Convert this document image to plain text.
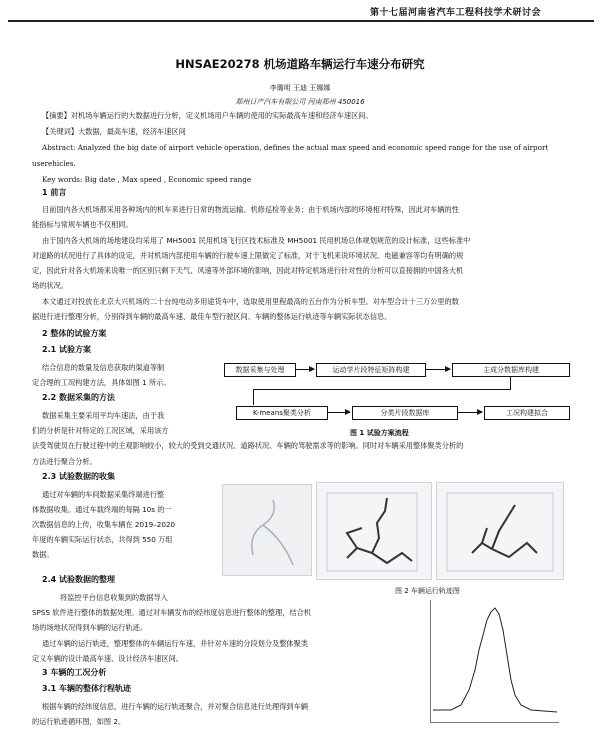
第十七届河南省汽车工程科技学术研讨会
HNSAE20278 机场道路车辆运行车速分布研究
李璐明 王迪 王娜娜
郑州日产汽车有限公司 河南郑州 450016
【摘要】对机场车辆运行的大数据进行分析，定义机场用户车辆的使用的实际最高车速和经济车速区间。
【关键词】大数据，最高车速，经济车速区间
Abstract: Analyzed the big date of airport vehicle operation, defines the actual max speed and economic speed range for the use of airport
userehicles.
Key words: Big date , Max speed , Economic speed range
1 前言
目前国内各大机场都采用各种场内的机车来进行日常的物流运输、机修巡检等业务；由于机场内部的环境相对特殊，因此对车辆的性
能指标与常规车辆也不仅相同。
由于国内各大机场的场地建设均采用了 MH5001 民用机场飞行区技术标准及 MH5001 民用机场总体规划规范的设计标准，这些标准中
对道路的状况进行了具体的设定，并对机场内部使用车辆的行驶车速上限做定了标准，对于飞机来说环境状况、电磁兼容等均有明确的规
定，因此针对各大机场来说唯一的区别只剩下天气、风速等外部环境的影响，因此对特定机场进行针对性的分析可以直接拥的中国各大机
场的状况。
本文通过对投放在北京大兴机场的二十台纯电动多用途货车中，选取使用里程最高的五台作为分析车型。对车型合计十三万公里的数
据进行进行整理分析，分别得到车辆的最高车速、最佳车型行驶区间、车辆的整体运行轨迹等车辆实际状态信息。
2 整体的试验方案
2.1 试验方案
结合信息的数量及信息获取的渠道等制
定合理的工况构建方法，具体如图 1 所示。
2.2 数据采集的方法
数据采集主要采用平均车速法，由于我
们的分析是针对特定的工况区域，采用该方
法受驾驶员在行驶过程中的主观影响较小，较大的受到交通状况、道路状况、车辆的驾驶需求等的影响。同时对车辆采用整体聚类分析的
方法进行聚合分析。
数据采集与处理	运动学片段特征矩阵构建	主成分数据库构建
K-means聚类分析	分类片段数据库	工况构建拟合
图 1 试验方案流程
2.3 试验数据的收集
通过对车辆的车间数据采集终端进行整
体数据收集。通过车载终端的每隔 10s 的一
次数据信息的上传，收集车辆在 2019–2020
年度的车辆实际运行状态，共得到 550 万组
数据。
图 2 车辆运行轨迹图
2.4 试验数据的整理
将监控平台信息收集到的数据导入
SPSS 软件进行整体的数据处理。通过对车辆发布的经纬度信息进行整体的整理，结合机
场的场地状况得到车辆的运行轨迹。
通过车辆的运行轨迹，整理整体的车辆运行车速，并针对车速的分段划分及整体聚类
定义车辆的设计最高车速、设计经济车速区间。
3 车辆的工况分析
3.1 车辆的整体行程轨迹
根据车辆的经纬度信息，进行车辆的运行轨迹聚合，并对聚合信息进行处理得到车辆
的运行轨迹循环图，如图 2。
